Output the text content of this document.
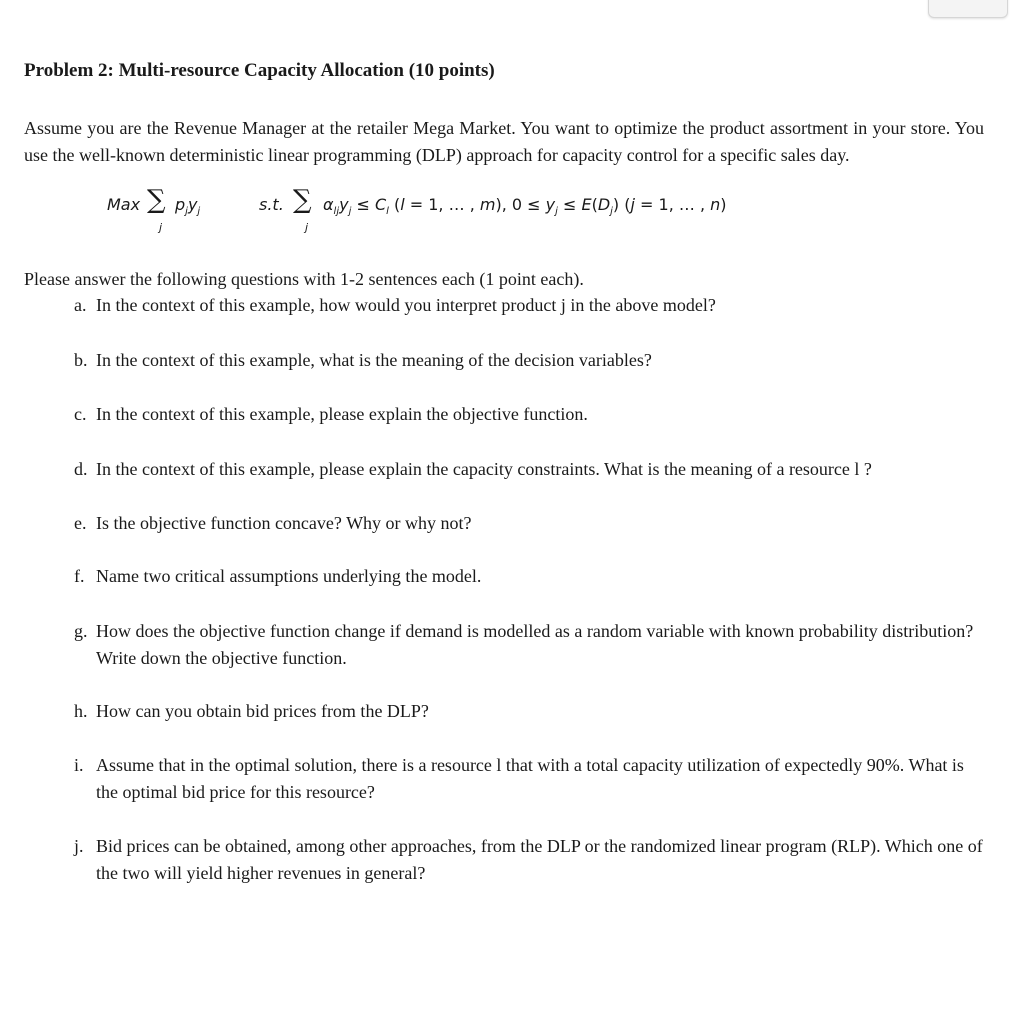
Problem 2: Multi-resource Capacity Allocation (10 points)
Assume you are the Revenue Manager at the retailer Mega Market. You want to optimize the product assortment in your store. You use the well-known deterministic linear programming (DLP) approach for capacity control for a specific sales day.
Max ∑
j
$p_jy_j$	s.t. ∑
j
$\alpha_{lj}y_j \le C_l$ (l = 1, … , m), $0 \le y_j \le E(D_j) (j = 1$, … , n)
Please answer the following questions with 1-2 sentences each (1 point each).
a. In the context of this example, how would you interpret product j in the above model?
b. In the context of this example, what is the meaning of the decision variables?
c. In the context of this example, please explain the objective function.
d. In the context of this example, please explain the capacity constraints. What is the meaning of a resource l ?
e. Is the objective function concave? Why or why not?
f. Name two critical assumptions underlying the model.
g. How does the objective function change if demand is modelled as a random variable with known probability distribution? Write down the objective function.
h. How can you obtain bid prices from the DLP?
i. Assume that in the optimal solution, there is a resource l that with a total capacity utilization of expectedly 90%. What is the optimal bid price for this resource?
j. Bid prices can be obtained, among other approaches, from the DLP or the randomized linear program (RLP). Which one of the two will yield higher revenues in general?
